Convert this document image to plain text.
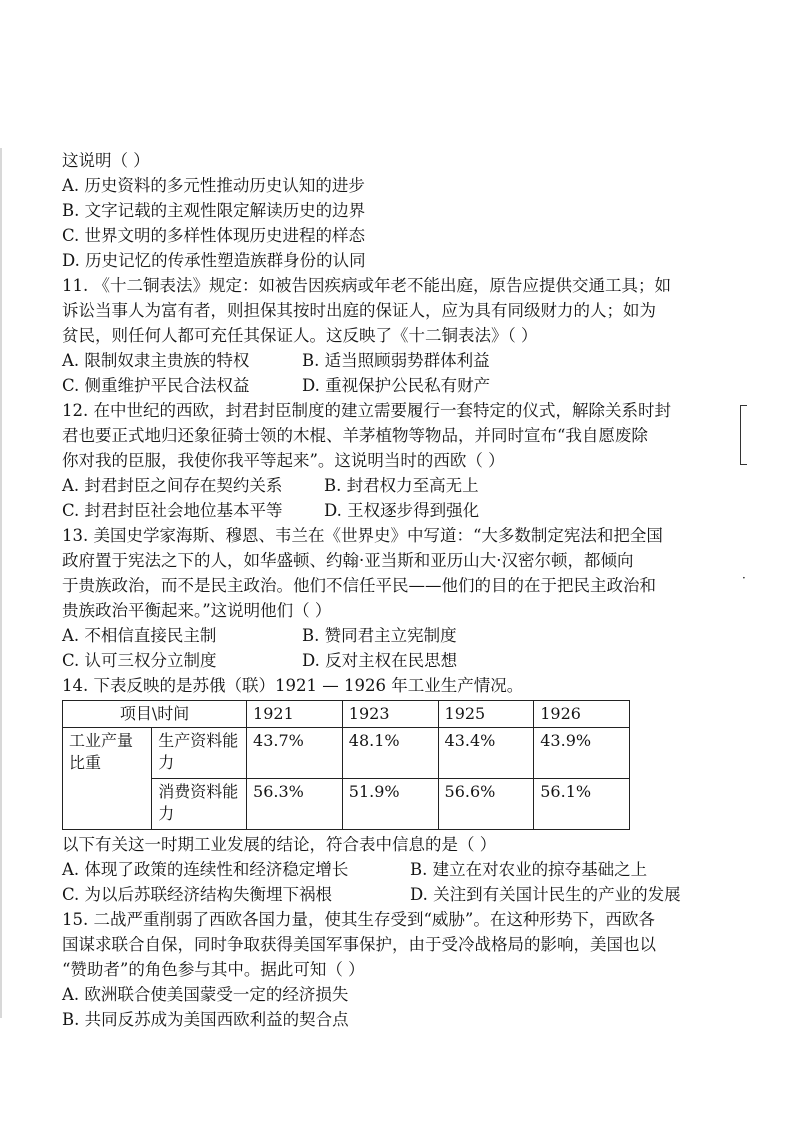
·
这说明（ ）
A. 历史资料的多元性推动历史认知的进步
B. 文字记载的主观性限定解读历史的边界
C. 世界文明的多样性体现历史进程的样态
D. 历史记忆的传承性塑造族群身份的认同
11. 《十二铜表法》规定：如被告因疾病或年老不能出庭，原告应提供交通工具；如
诉讼当事人为富有者，则担保其按时出庭的保证人，应为具有同级财力的人；如为
贫民，则任何人都可充任其保证人。这反映了《十二铜表法》（ ）
A. 限制奴隶主贵族的特权	B. 适当照顾弱势群体利益
C. 侧重维护平民合法权益	D. 重视保护公民私有财产
12. 在中世纪的西欧，封君封臣制度的建立需要履行一套特定的仪式，解除关系时封
君也要正式地归还象征骑士领的木棍、羊茅植物等物品，并同时宣布“我自愿废除
你对我的臣服，我使你我平等起来”。这说明当时的西欧（ ）
A. 封君封臣之间存在契约关系	B. 封君权力至高无上
C. 封君封臣社会地位基本平等	D. 王权逐步得到强化
13. 美国史学家海斯、穆恩、韦兰在《世界史》中写道：“大多数制定宪法和把全国
政府置于宪法之下的人，如华盛顿、约翰·亚当斯和亚历山大·汉密尔顿，都倾向
于贵族政治，而不是民主政治。他们不信任平民——他们的目的在于把民主政治和
贵族政治平衡起来。”这说明他们（ ）
A. 不相信直接民主制	B. 赞同君主立宪制度
C. 认可三权分立制度	D. 反对主权在民思想
14. 下表反映的是苏俄（联）1921 — 1926 年工业生产情况。
项目\时间		1921	1923	1925	1926
工业产量比重	生产资料能力	43.7%	48.1%	43.4%	43.9%
	消费资料能力	56.3%	51.9%	56.6%	56.1%
以下有关这一时期工业发展的结论，符合表中信息的是（ ）
A. 体现了政策的连续性和经济稳定增长	B. 建立在对农业的掠夺基础之上
C. 为以后苏联经济结构失衡埋下祸根	D. 关注到有关国计民生的产业的发展
15. 二战严重削弱了西欧各国力量，使其生存受到“威胁”。在这种形势下，西欧各
国谋求联合自保，同时争取获得美国军事保护，由于受冷战格局的影响，美国也以
“赞助者”的角色参与其中。据此可知（ ）
A. 欧洲联合使美国蒙受一定的经济损失
B. 共同反苏成为美国西欧利益的契合点
